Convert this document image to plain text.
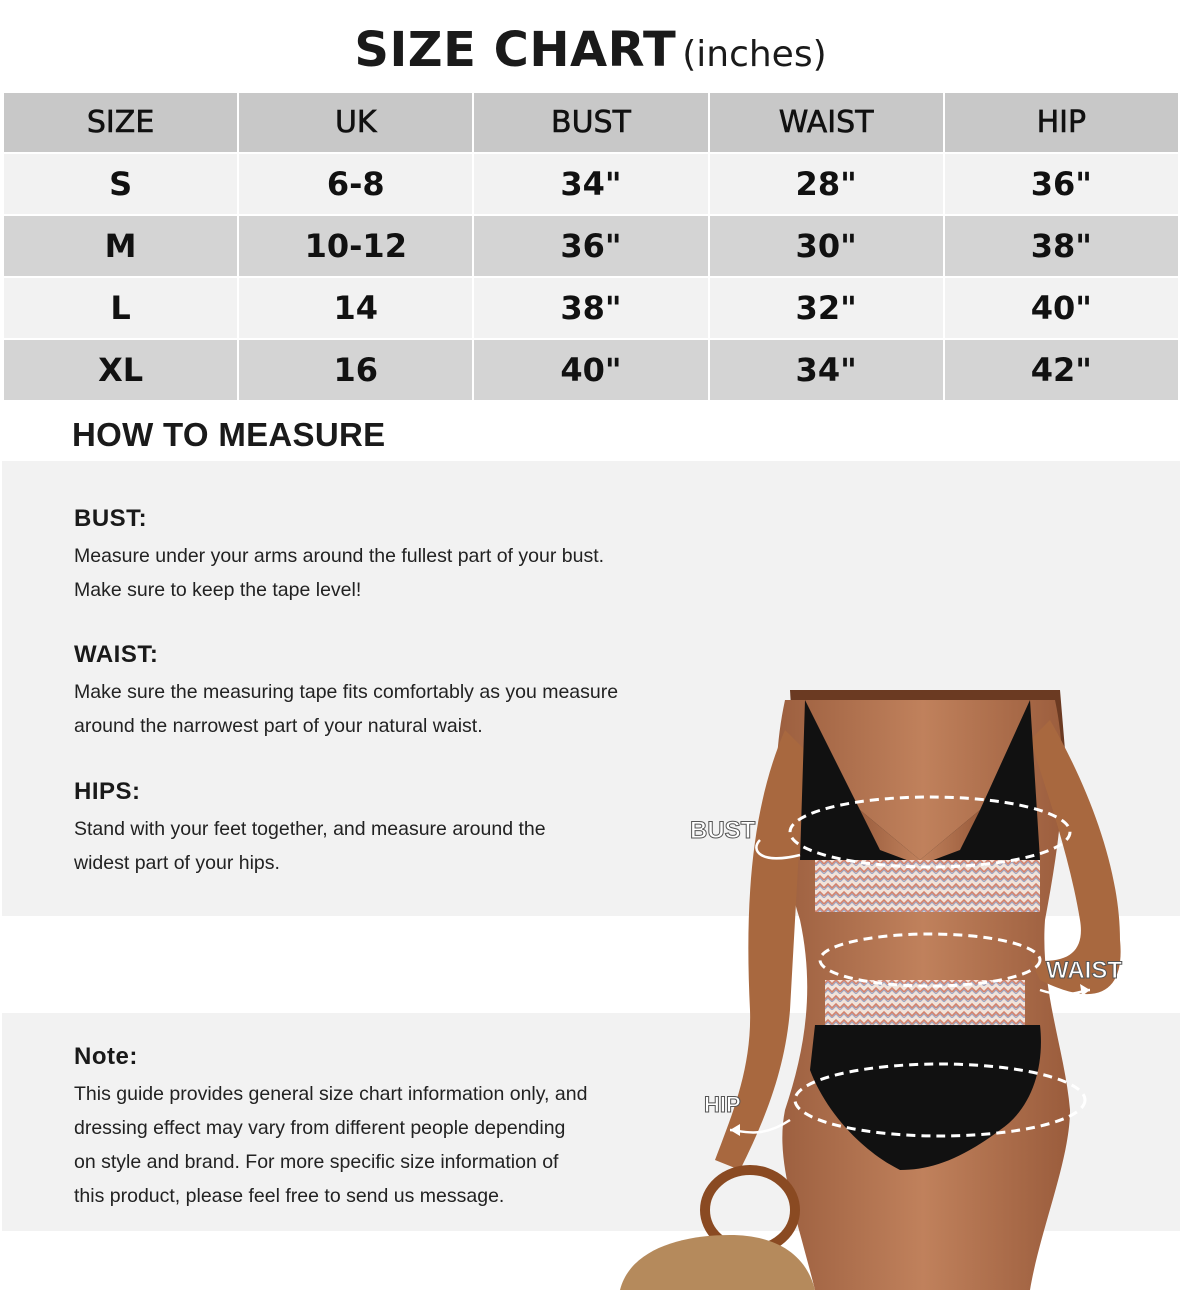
SIZE CHART (inches)
SIZE	UK	BUST	WAIST	HIP
S	6-8	34"	28"	36"
M	10-12	36"	30"	38"
L	14	38"	32"	40"
XL	16	40"	34"	42"
HOW TO MEASURE
BUST:

Measure under your arms around the fullest part of your bust.

Make sure to keep the tape level!

WAIST:

Make sure the measuring tape fits comfortably as you measure

around the narrowest part of your natural waist.

HIPS:

Stand with your feet together, and measure around the

widest part of your hips.

Note:

This guide provides general size chart information only, and

dressing effect may vary from different people depending

on style and brand. For more specific size information of

this product, please feel free to send us message.

BUST
WAIST
HIP
